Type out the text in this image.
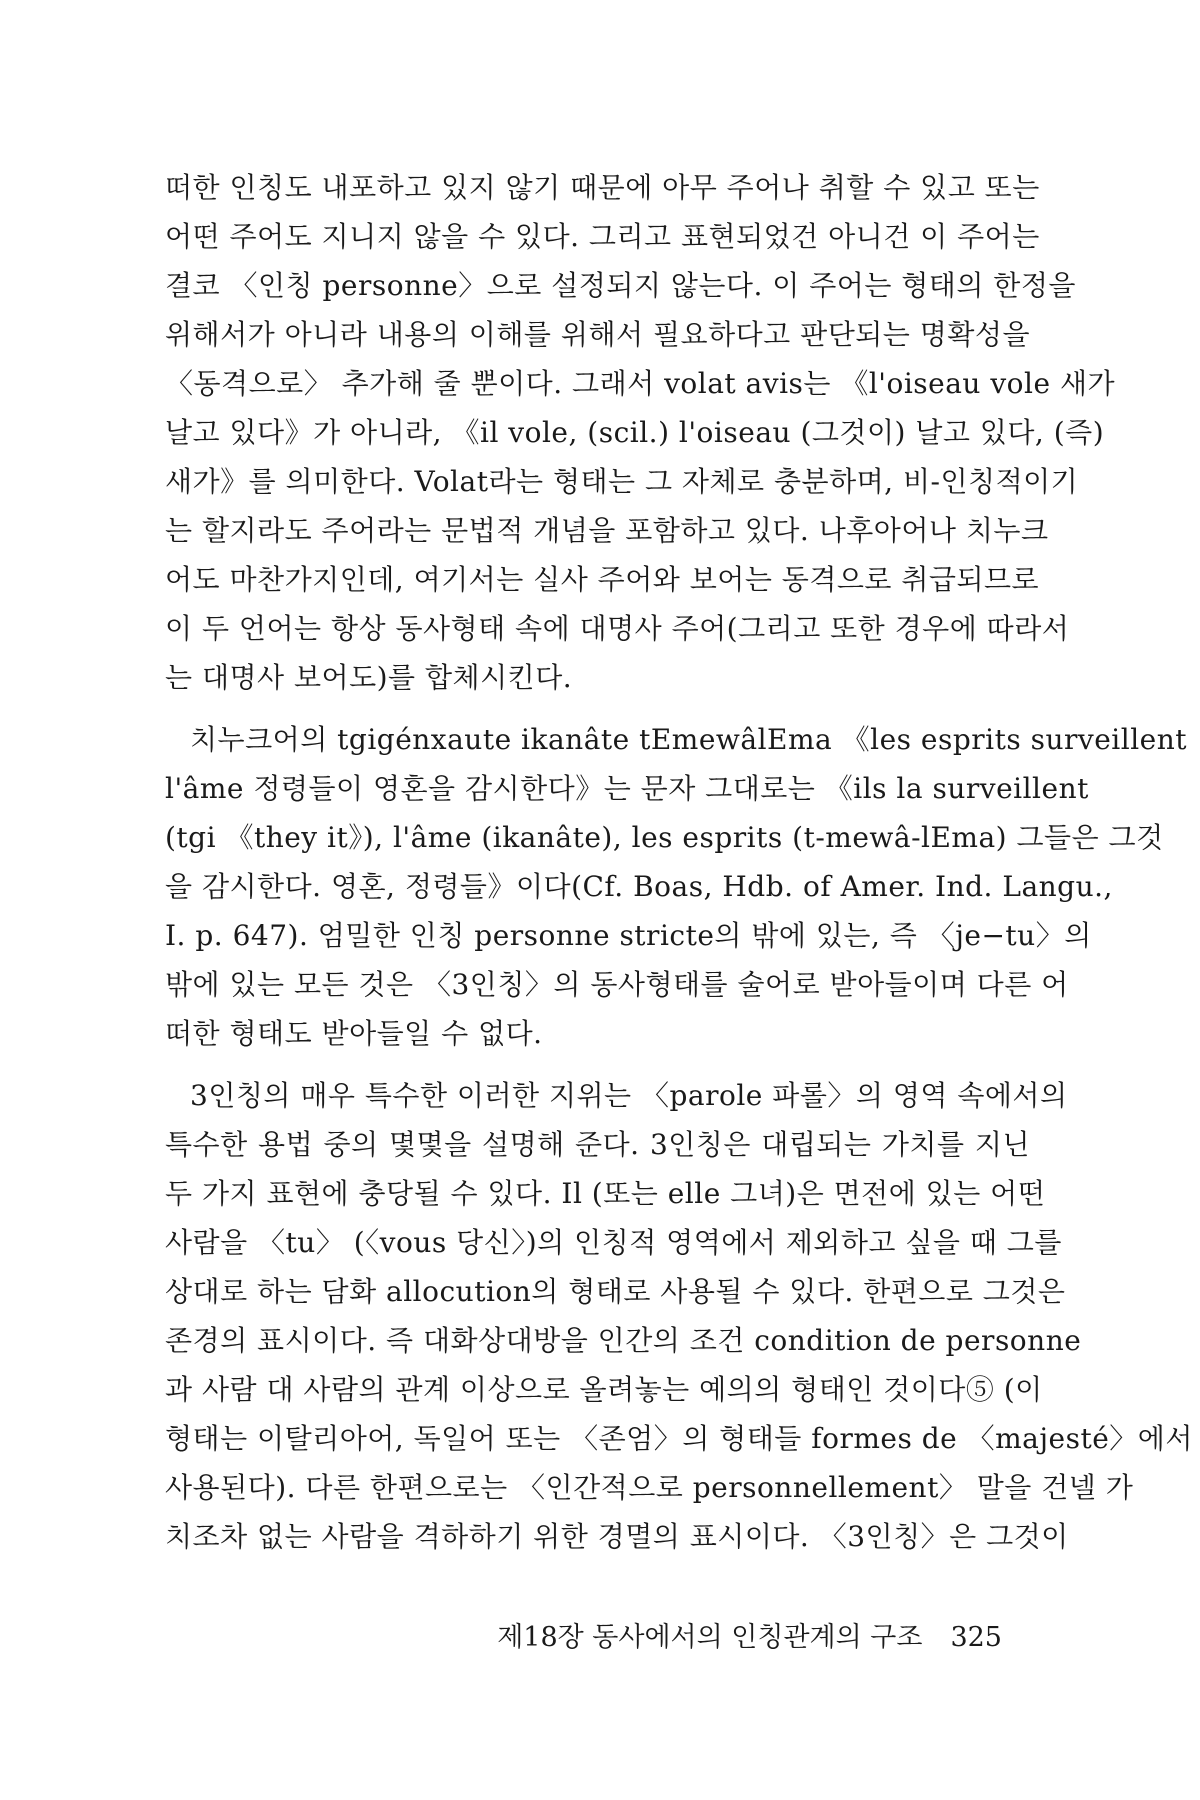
떠한 인칭도 내포하고 있지 않기 때문에 아무 주어나 취할 수 있고 또는
어떤 주어도 지니지 않을 수 있다. 그리고 표현되었건 아니건 이 주어는
결코 〈인칭 personne〉으로 설정되지 않는다. 이 주어는 형태의 한정을
위해서가 아니라 내용의 이해를 위해서 필요하다고 판단되는 명확성을
〈동격으로〉 추가해 줄 뿐이다. 그래서 volat avis는 《l'oiseau vole 새가
날고 있다》가 아니라, 《il vole, (scil.) l'oiseau (그것이) 날고 있다, (즉)
새가》를 의미한다. Volat라는 형태는 그 자체로 충분하며, 비-인칭적이기
는 할지라도 주어라는 문법적 개념을 포함하고 있다. 나후아어나 치누크
어도 마찬가지인데, 여기서는 실사 주어와 보어는 동격으로 취급되므로
이 두 언어는 항상 동사형태 속에 대명사 주어(그리고 또한 경우에 따라서
는 대명사 보어도)를 합체시킨다.
치누크어의 tgigénxaute ikanâte tEmewâlEma 《les esprits surveillent
l'âme 정령들이 영혼을 감시한다》는 문자 그대로는 《ils la surveillent
(tgi 《they it》), l'âme (ikanâte), les esprits (t-mewâ-lEma) 그들은 그것
을 감시한다. 영혼, 정령들》이다(Cf. Boas, Hdb. of Amer. Ind. Langu.,
I. p. 647). 엄밀한 인칭 personne stricte의 밖에 있는, 즉 〈je−tu〉의
밖에 있는 모든 것은 〈3인칭〉의 동사형태를 술어로 받아들이며 다른 어
떠한 형태도 받아들일 수 없다.
3인칭의 매우 특수한 이러한 지위는 〈parole 파롤〉의 영역 속에서의
특수한 용법 중의 몇몇을 설명해 준다. 3인칭은 대립되는 가치를 지닌
두 가지 표현에 충당될 수 있다. Il (또는 elle 그녀)은 면전에 있는 어떤
사람을 〈tu〉 (〈vous 당신〉)의 인칭적 영역에서 제외하고 싶을 때 그를
상대로 하는 담화 allocution의 형태로 사용될 수 있다. 한편으로 그것은
존경의 표시이다. 즉 대화상대방을 인간의 조건 condition de personne
과 사람 대 사람의 관계 이상으로 올려놓는 예의의 형태인 것이다⑤ (이
형태는 이탈리아어, 독일어 또는 〈존엄〉의 형태들 formes de 〈majesté〉에서
사용된다). 다른 한편으로는 〈인간적으로 personnellement〉 말을 건넬 가
치조차 없는 사람을 격하하기 위한 경멸의 표시이다. 〈3인칭〉은 그것이
제18장 동사에서의 인칭관계의 구조 325
